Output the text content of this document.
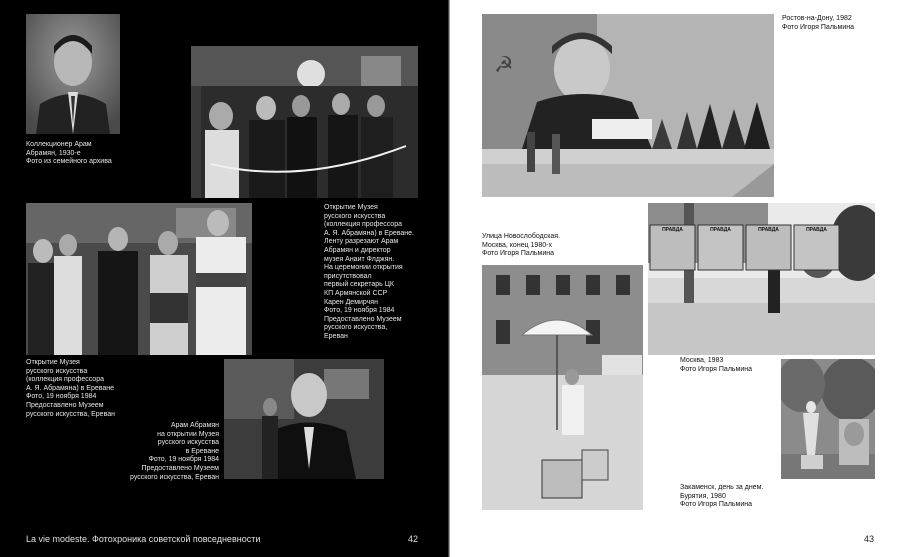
Коллекционер Арам
Абрамян, 1930-е
Фото из семейного архива
Открытие Музея
русского искусства
(коллекция профессора
А. Я. Абрамяна) в Ереване.
Ленту разрезают Арам
Абрамян и директор
музея Анаит Флджян.
На церемонии открытия
присутствовал
первый секретарь ЦК
КП Армянской ССР
Карен Демирчян
Фото, 19 ноября 1984
Предоставлено Музеем
русского искусства,
Ереван
Открытие Музея
русского искусства
(коллекция профессора
А. Я. Абрамяна) в Ереване
Фото, 19 ноября 1984
Предоставлено Музеем
русского искусства, Ереван
Арам Абрамян
на открытии Музея
русского искусства
в Ереване
Фото, 19 ноября 1984
Предоставлено Музеем
русского искусства, Ереван
La vie modeste. Фотохроника советской повседневности	42
☭
Ростов-на-Дону, 1982
Фото Игоря Пальмина
ПРАВДА	ПРАВДА	ПРАВДА	ПРАВДА
Москва, 1983
Фото Игоря Пальмина
Улица Новослободская.
Москва, конец 1980-х
Фото Игоря Пальмина
Закаменск, день за днем.
Бурятия, 1980
Фото Игоря Пальмина
43
